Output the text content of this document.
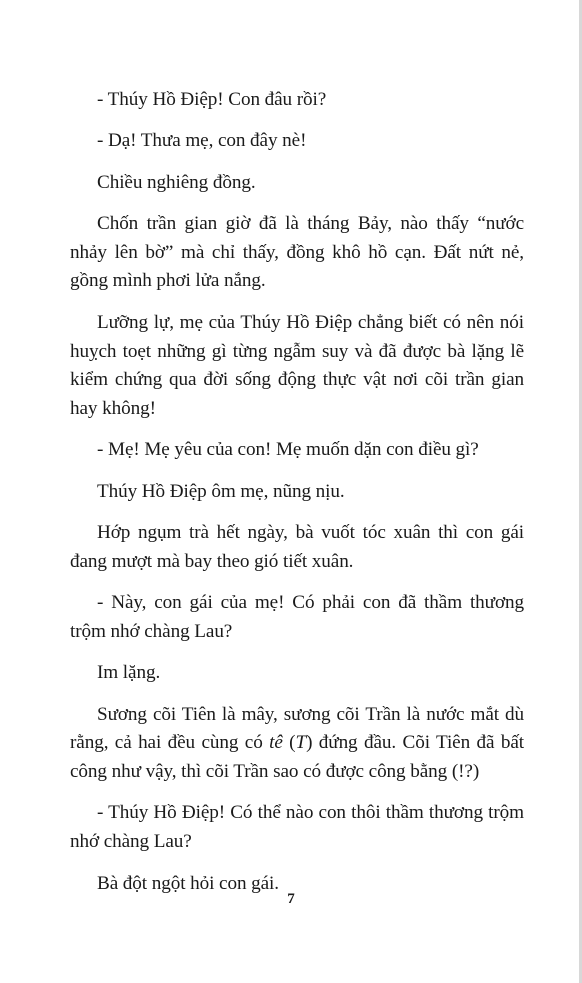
- Thúy Hồ Điệp! Con đâu rồi?

- Dạ! Thưa mẹ, con đây nè!

Chiều nghiêng đồng.

Chốn trần gian giờ đã là tháng Bảy, nào thấy “nước nhảy lên bờ” mà chỉ thấy, đồng khô hồ cạn. Đất nứt nẻ, gồng mình phơi lửa nắng.

Lưỡng lự, mẹ của Thúy Hồ Điệp chẳng biết có nên nói huỵch toẹt những gì từng ngẫm suy và đã được bà lặng lẽ kiểm chứng qua đời sống động thực vật nơi cõi trần gian hay không!

- Mẹ! Mẹ yêu của con! Mẹ muốn dặn con điều gì?

Thúy Hồ Điệp ôm mẹ, nũng nịu.

Hớp ngụm trà hết ngày, bà vuốt tóc xuân thì con gái đang mượt mà bay theo gió tiết xuân.

- Này, con gái của mẹ! Có phải con đã thầm thương trộm nhớ chàng Lau?

Im lặng.

Sương cõi Tiên là mây, sương cõi Trần là nước mắt dù rằng, cả hai đều cùng có tê (T) đứng đầu. Cõi Tiên đã bất công như vậy, thì cõi Trần sao có được công bằng (!?)

- Thúy Hồ Điệp! Có thể nào con thôi thầm thương trộm nhớ chàng Lau?

Bà đột ngột hỏi con gái.

7
